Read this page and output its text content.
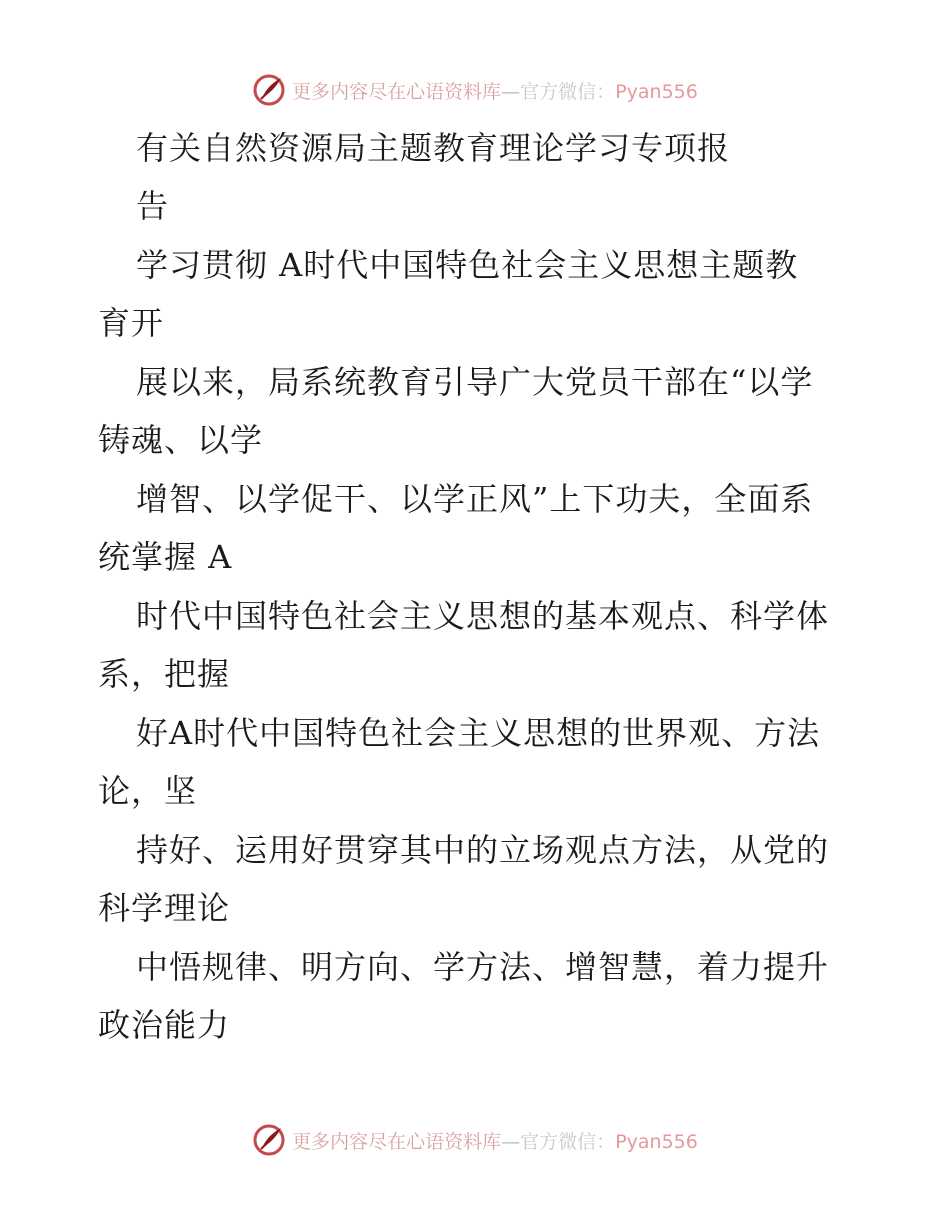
更多内容尽在心语资料库—官方微信：Pyan556
有关自然资源局主题教育理论学习专项报
告
学习贯彻 A时代中国特色社会主义思想主题教
育开
展以来，局系统教育引导广大党员干部在“以学
铸魂、以学
增智、以学促干、以学正风”上下功夫，全面系
统掌握 A
时代中国特色社会主义思想的基本观点、科学体
系，把握
好A时代中国特色社会主义思想的世界观、方法
论，坚
持好、运用好贯穿其中的立场观点方法，从党的
科学理论
中悟规律、明方向、学方法、增智慧，着力提升
政治能力
更多内容尽在心语资料库—官方微信：Pyan556
